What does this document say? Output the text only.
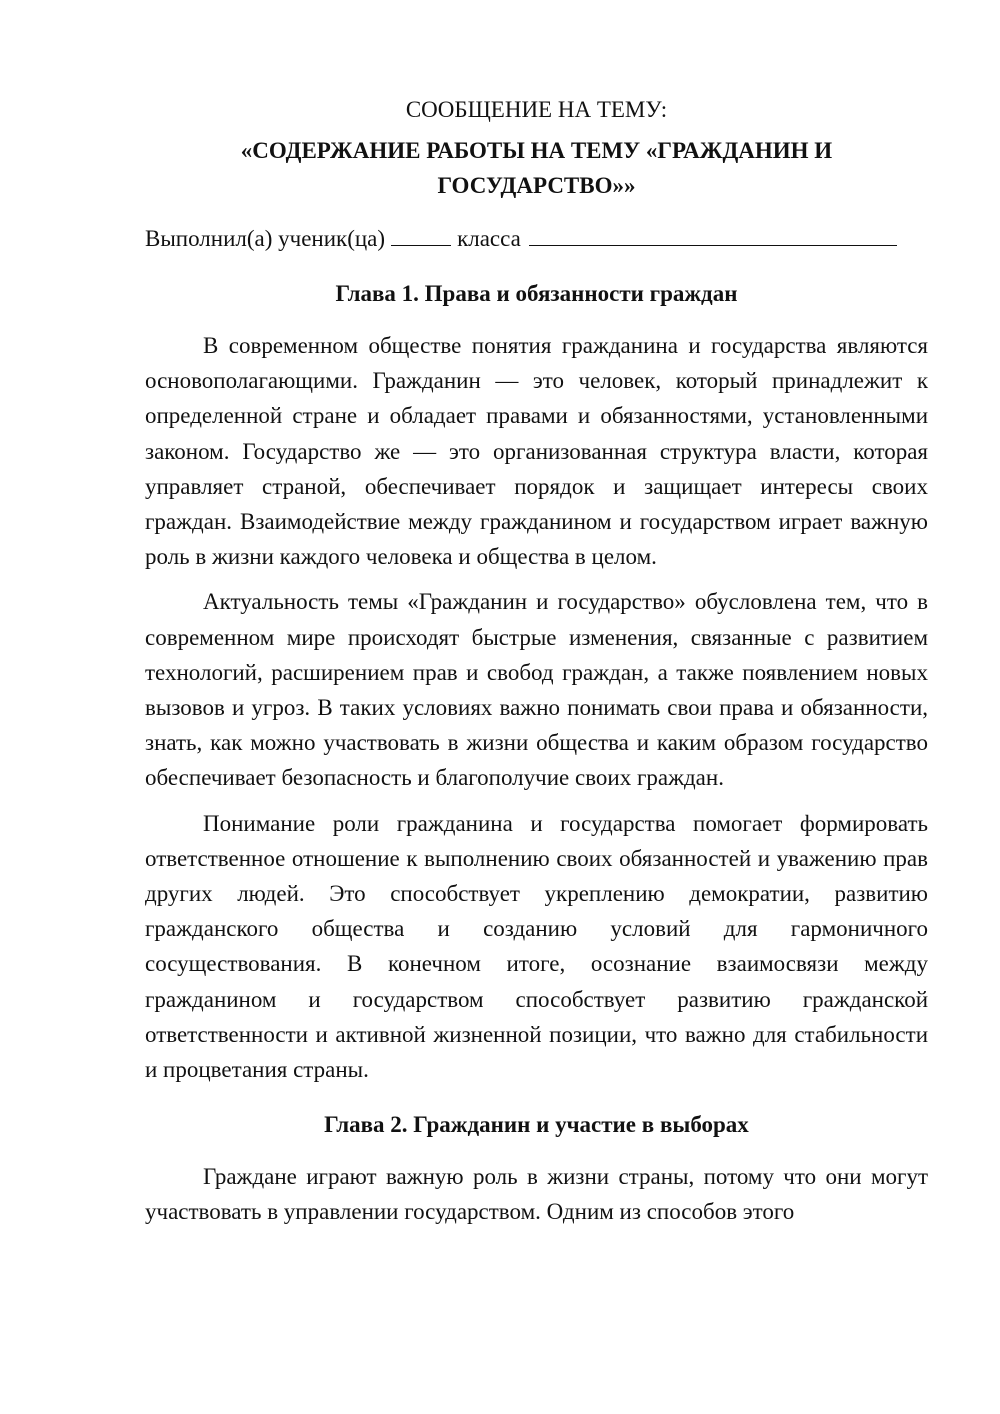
СООБЩЕНИЕ НА ТЕМУ:
«СОДЕРЖАНИЕ РАБОТЫ НА ТЕМУ «ГРАЖДАНИН И ГОСУДАРСТВО»»
Выполнил(а) ученик(ца)	класса
Глава 1. Права и обязанности граждан

В современном обществе понятия гражданина и государства являются основополагающими. Гражданин — это человек, который принадлежит к определенной стране и обладает правами и обязанностями, установленными законом. Государство же — это организованная структура власти, которая управляет страной, обеспечивает порядок и защищает интересы своих граждан. Взаимодействие между гражданином и государством играет важную роль в жизни каждого человека и общества в целом.

Актуальность темы «Гражданин и государство» обусловлена тем, что в современном мире происходят быстрые изменения, связанные с развитием технологий, расширением прав и свобод граждан, а также появлением новых вызовов и угроз. В таких условиях важно понимать свои права и обязанности, знать, как можно участвовать в жизни общества и каким образом государство обеспечивает безопасность и благополучие своих граждан.

Понимание роли гражданина и государства помогает формировать ответственное отношение к выполнению своих обязанностей и уважению прав других людей. Это способствует укреплению демократии, развитию гражданского общества и созданию условий для гармоничного сосуществования. В конечном итоге, осознание взаимосвязи между гражданином и государством способствует развитию гражданской ответственности и активной жизненной позиции, что важно для стабильности и процветания страны.

Глава 2. Гражданин и участие в выборах

Граждане играют важную роль в жизни страны, потому что они могут участвовать в управлении государством. Одним из способов этого
